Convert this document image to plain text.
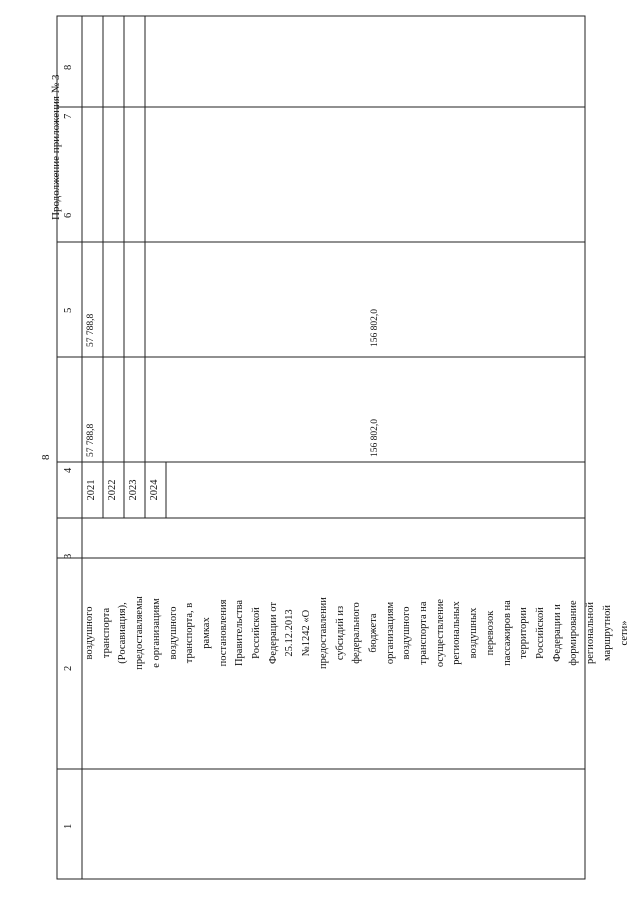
8
Продолжение приложения № 3
1
2
3
4
5
6
7
8
воздушного транспорта (Росавиация), предоставляемы е организациям воздушного транспорта, в рамках постановления Правительства Российской Федерации от 25.12.2013 №1242 «О предоставлении субсидий из федерального бюджета организациям воздушного транспорта на осуществление региональных воздушных перевозок пассажиров на территории Российской Федерации и формирование региональной маршрутной сети»
2021 2022 2023 2024
57 788,8
57 788,8
156 802,0
156 802,0
